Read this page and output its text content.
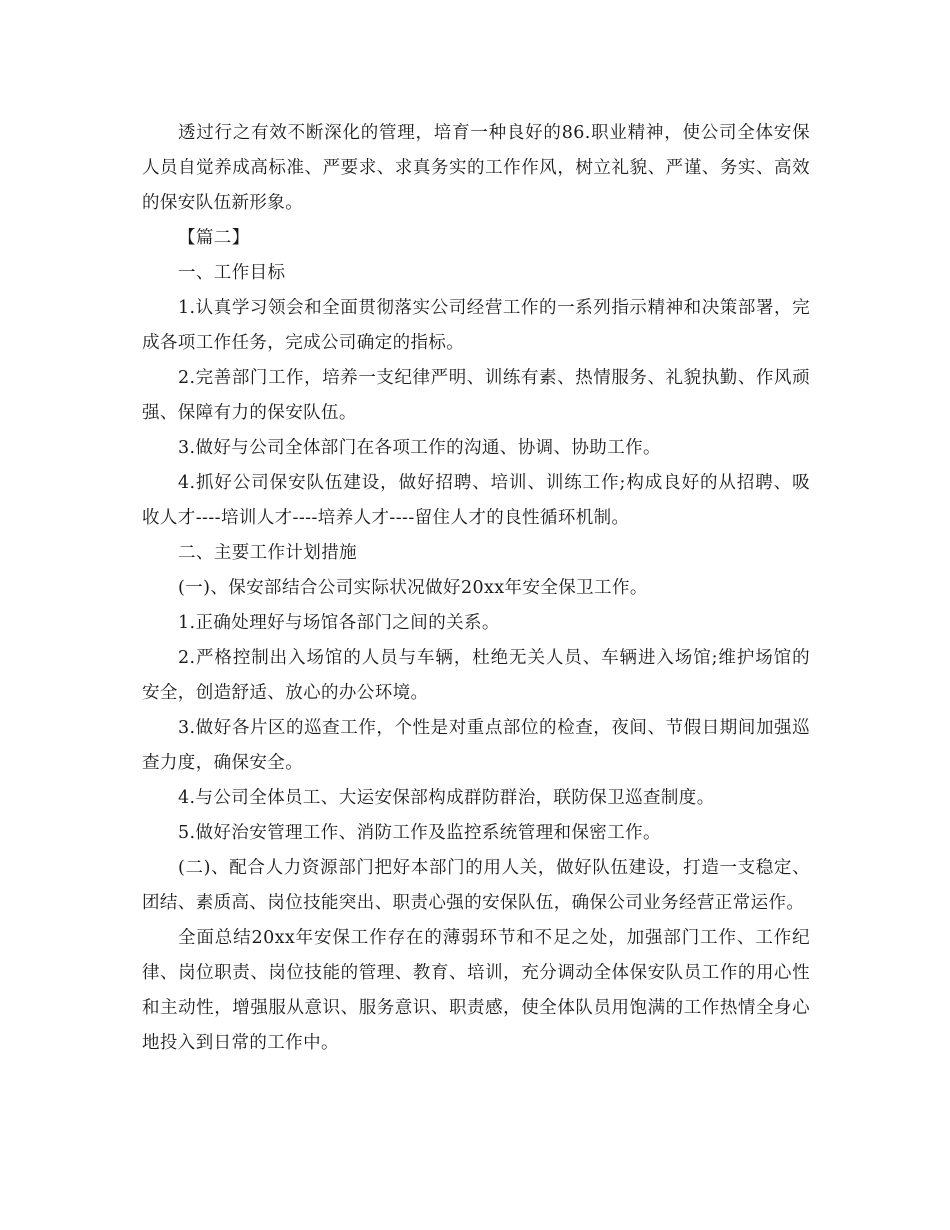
透过行之有效不断深化的管理，培育一种良好的86.职业精神，使公司全体安保人员自觉养成高标准、严要求、求真务实的工作作风，树立礼貌、严谨、务实、高效的保安队伍新形象。

【篇二】

一、工作目标

1.认真学习领会和全面贯彻落实公司经营工作的一系列指示精神和决策部署，完成各项工作任务，完成公司确定的指标。

2.完善部门工作，培养一支纪律严明、训练有素、热情服务、礼貌执勤、作风顽强、保障有力的保安队伍。

3.做好与公司全体部门在各项工作的沟通、协调、协助工作。

4.抓好公司保安队伍建设，做好招聘、培训、训练工作;构成良好的从招聘、吸收人才----培训人才----培养人才----留住人才的良性循环机制。

二、主要工作计划措施

(一)、保安部结合公司实际状况做好20xx年安全保卫工作。

1.正确处理好与场馆各部门之间的关系。

2.严格控制出入场馆的人员与车辆，杜绝无关人员、车辆进入场馆;维护场馆的安全，创造舒适、放心的办公环境。

3.做好各片区的巡查工作，个性是对重点部位的检查，夜间、节假日期间加强巡查力度，确保安全。

4.与公司全体员工、大运安保部构成群防群治，联防保卫巡查制度。

5.做好治安管理工作、消防工作及监控系统管理和保密工作。

(二)、配合人力资源部门把好本部门的用人关，做好队伍建设，打造一支稳定、团结、素质高、岗位技能突出、职责心强的安保队伍，确保公司业务经营正常运作。

全面总结20xx年安保工作存在的薄弱环节和不足之处，加强部门工作、工作纪律、岗位职责、岗位技能的管理、教育、培训，充分调动全体保安队员工作的用心性和主动性，增强服从意识、服务意识、职责感，使全体队员用饱满的工作热情全身心地投入到日常的工作中。
